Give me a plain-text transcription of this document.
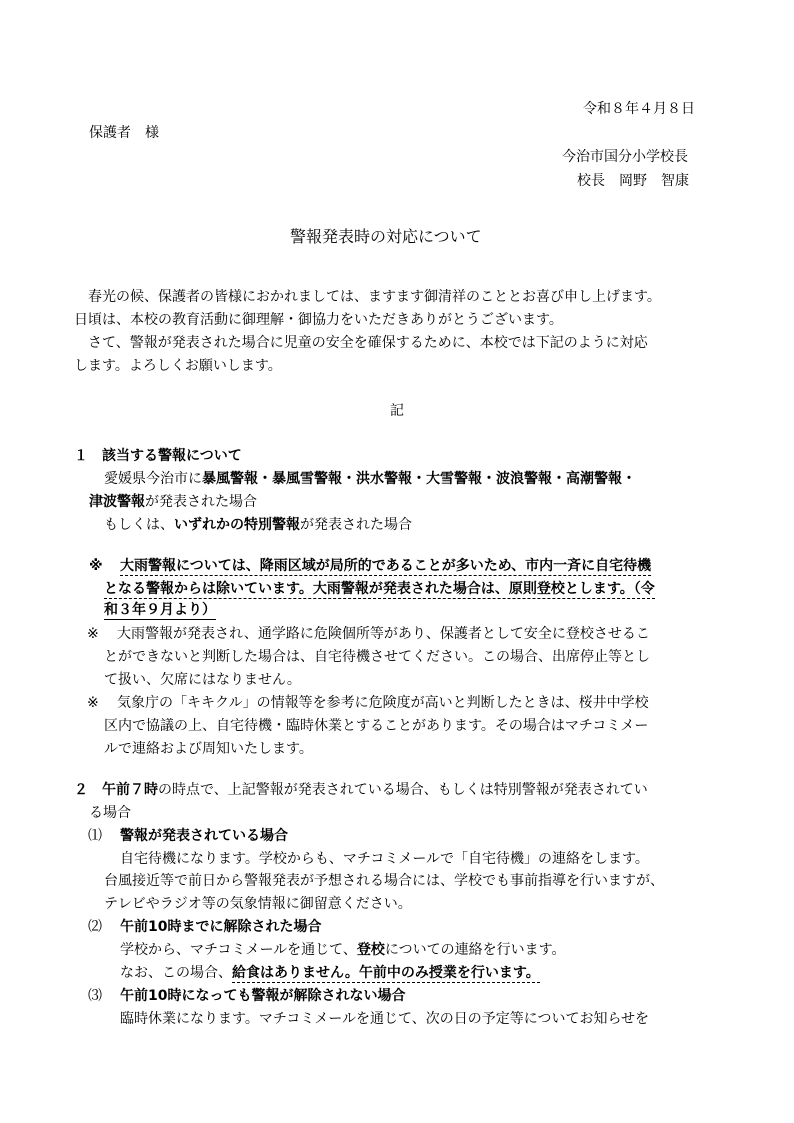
令和８年４月８日
保護者　様
今治市国分小学校長
校長　岡野　智康
警報発表時の対応について
春光の候、保護者の皆様におかれましては、ますます御清祥のこととお喜び申し上げます。
日頃は、本校の教育活動に御理解・御協力をいただきありがとうございます。
さて、警報が発表された場合に児童の安全を確保するために、本校では下記のように対応
します。よろしくお願いします。
記
１　該当する警報について
愛媛県今治市に暴風警報・暴風雪警報・洪水警報・大雪警報・波浪警報・高潮警報・
津波警報が発表された場合
もしくは、いずれかの特別警報が発表された場合
※ 大雨警報については、降雨区域が局所的であることが多いため、市内一斉に自宅待機
となる警報からは除いています。大雨警報が発表された場合は、原則登校とします。（令
和３年９月より）
※ 大雨警報が発表され、通学路に危険個所等があり、保護者として安全に登校させるこ
とができないと判断した場合は、自宅待機させてください。この場合、出席停止等とし
て扱い、欠席にはなりません。
※ 気象庁の「キキクル」の情報等を参考に危険度が高いと判断したときは、桜井中学校
区内で協議の上、自宅待機・臨時休業とすることがあります。その場合はマチコミメー
ルで連絡および周知いたします。
２　 午前７時の時点で、上記警報が発表されている場合、もしくは特別警報が発表されてい
る場合
⑴ 警報が発表されている場合
自宅待機になります。学校からも、マチコミメールで「自宅待機」の連絡をします。
台風接近等で前日から警報発表が予想される場合には、学校でも事前指導を行いますが、
テレビやラジオ等の気象情報に御留意ください。
⑵ 午前10時までに解除された場合
学校から、マチコミメールを通じて、登校についての連絡を行います。
なお、この場合、給食はありません。午前中のみ授業を行います。
⑶ 午前10時になっても警報が解除されない場合
臨時休業になります。マチコミメールを通じて、次の日の予定等についてお知らせを
